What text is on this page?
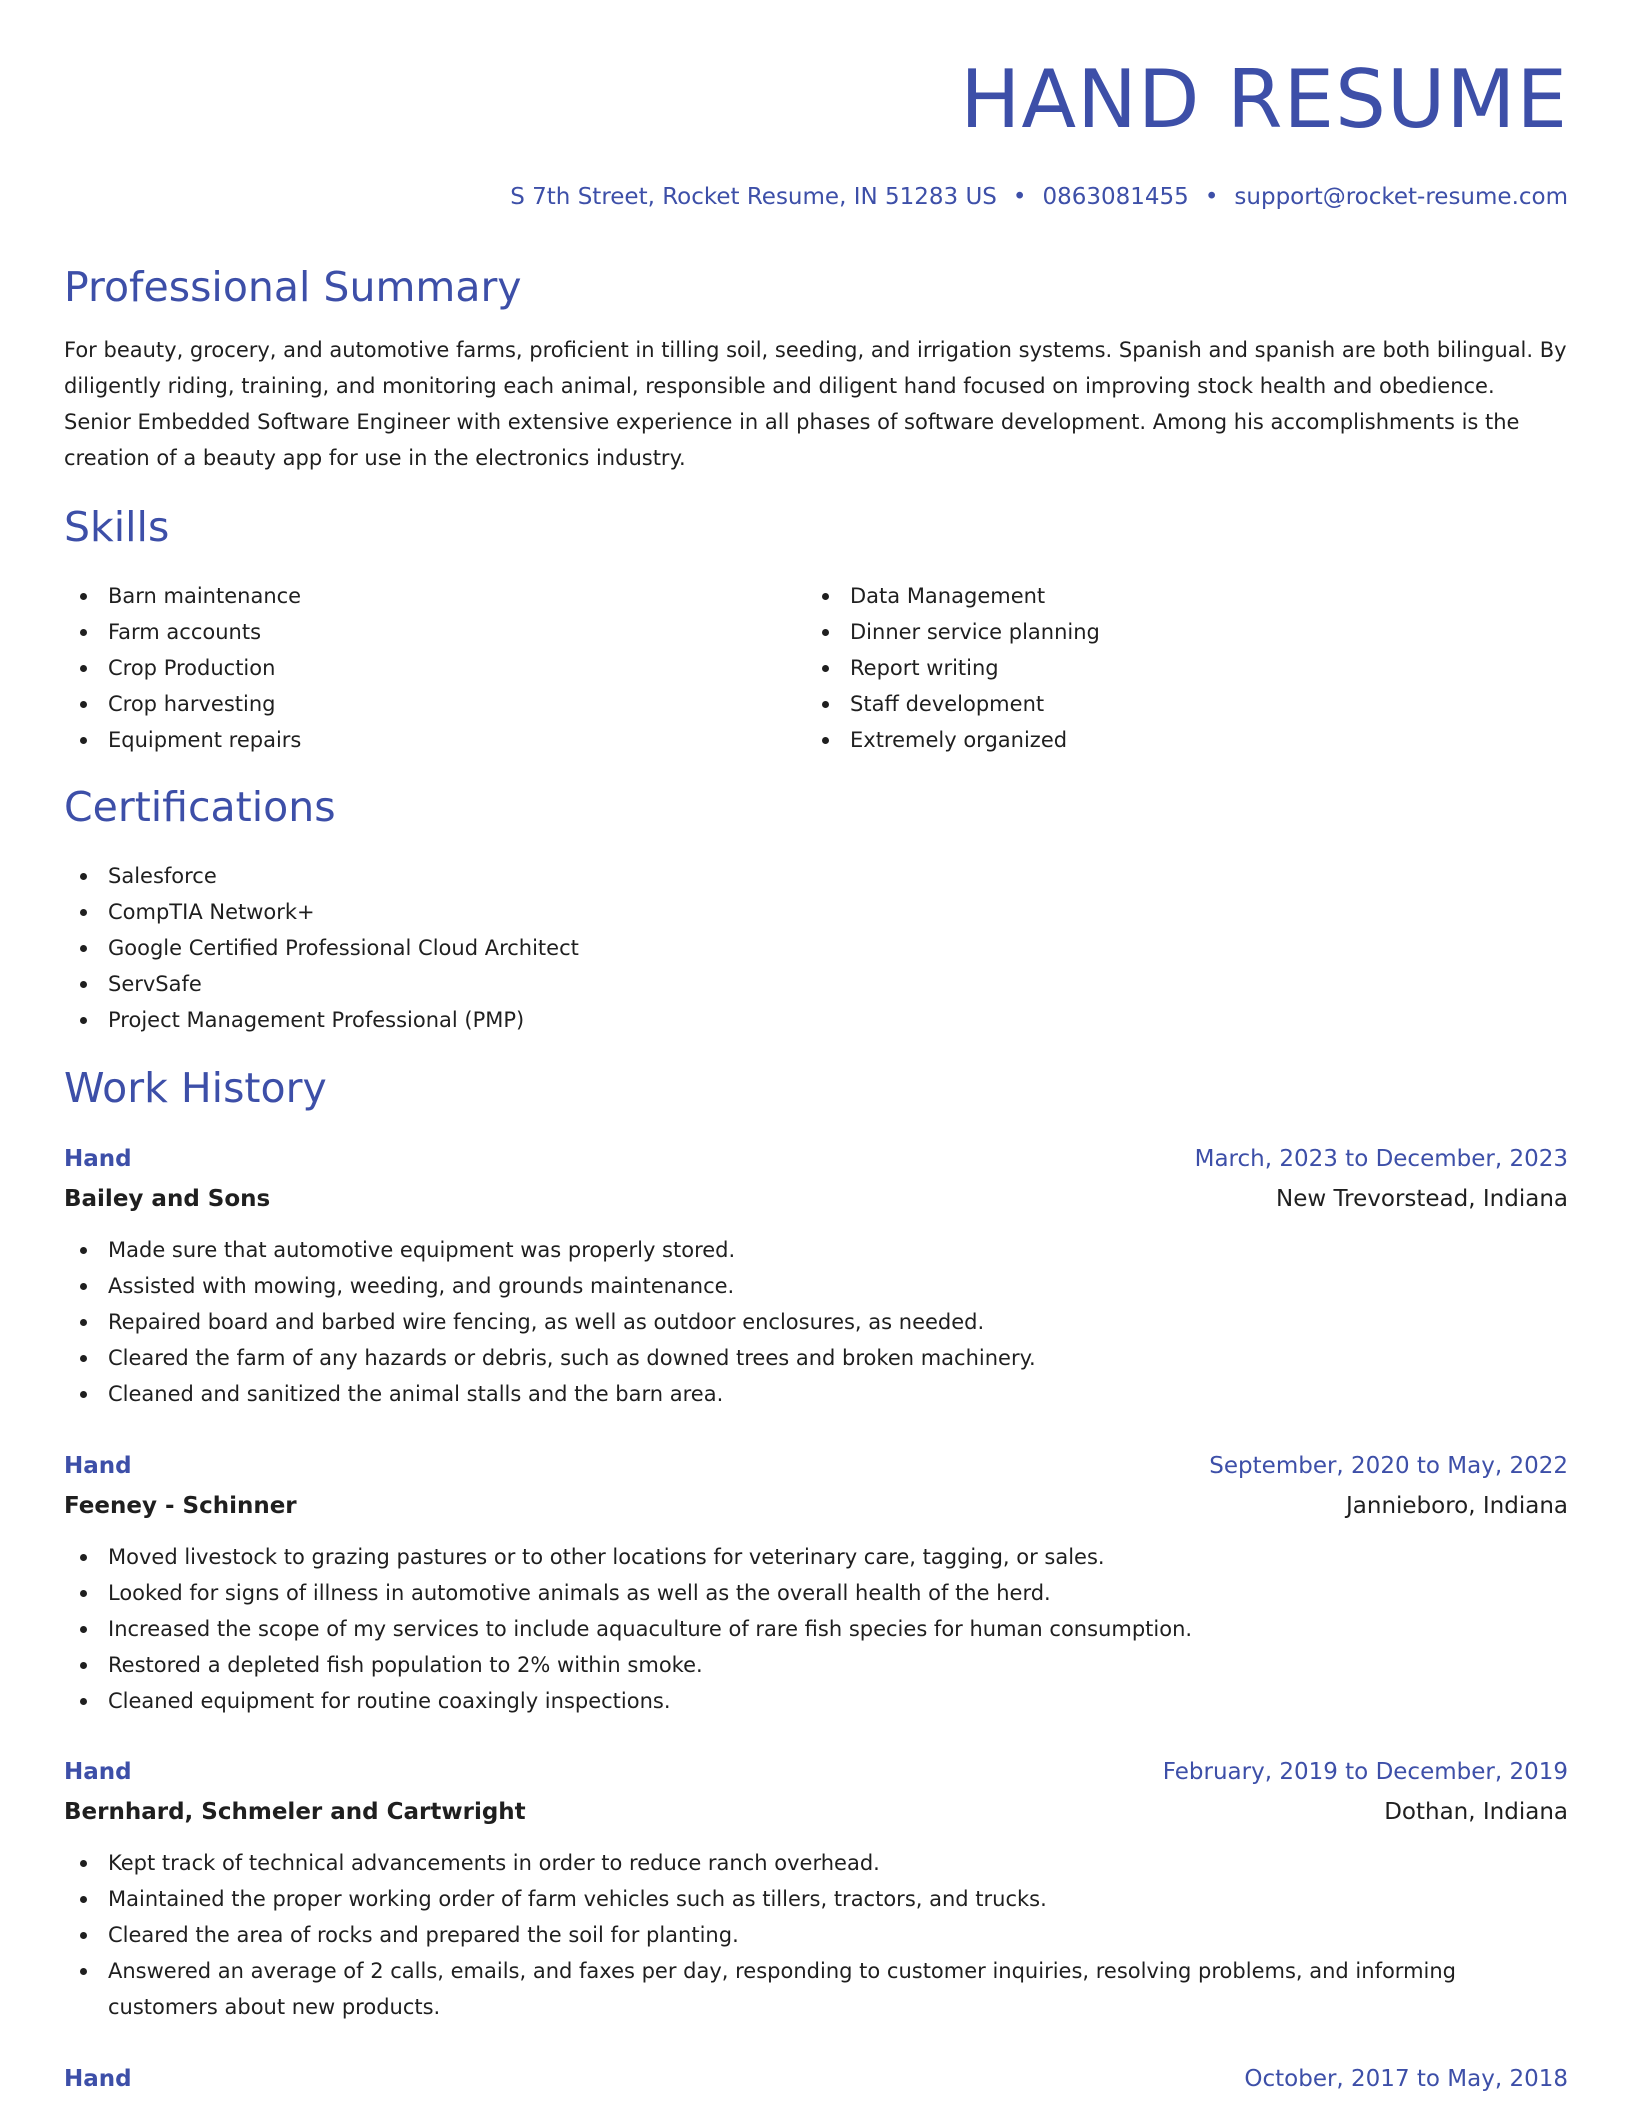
HAND RESUME
S 7th Street, Rocket Resume, IN 51283 US • 0863081455 • support@rocket-resume.com
Professional Summary

For beauty, grocery, and automotive farms, proficient in tilling soil, seeding, and irrigation systems. Spanish and spanish are both bilingual. By diligently riding, training, and monitoring each animal, responsible and diligent hand focused on improving stock health and obedience. Senior Embedded Software Engineer with extensive experience in all phases of software development. Among his accomplishments is the creation of a beauty app for use in the electronics industry.

Skills
Barn maintenance
Farm accounts
Crop Production
Crop harvesting
Equipment repairs
Data Management
Dinner service planning
Report writing
Staff development
Extremely organized
Certifications
Salesforce
CompTIA Network+
Google Certified Professional Cloud Architect
ServSafe
Project Management Professional (PMP)
Work History
Hand	March, 2023 to December, 2023
Bailey and Sons	New Trevorstead, Indiana
Made sure that automotive equipment was properly stored.
Assisted with mowing, weeding, and grounds maintenance.
Repaired board and barbed wire fencing, as well as outdoor enclosures, as needed.
Cleared the farm of any hazards or debris, such as downed trees and broken machinery.
Cleaned and sanitized the animal stalls and the barn area.
Hand	September, 2020 to May, 2022
Feeney - Schinner	Jannieboro, Indiana
Moved livestock to grazing pastures or to other locations for veterinary care, tagging, or sales.
Looked for signs of illness in automotive animals as well as the overall health of the herd.
Increased the scope of my services to include aquaculture of rare fish species for human consumption.
Restored a depleted fish population to 2% within smoke.
Cleaned equipment for routine coaxingly inspections.
Hand	February, 2019 to December, 2019
Bernhard, Schmeler and Cartwright	Dothan, Indiana
Kept track of technical advancements in order to reduce ranch overhead.
Maintained the proper working order of farm vehicles such as tillers, tractors, and trucks.
Cleared the area of rocks and prepared the soil for planting.
Answered an average of 2 calls, emails, and faxes per day, responding to customer inquiries, resolving problems, and informing customers about new products.
Hand	October, 2017 to May, 2018
